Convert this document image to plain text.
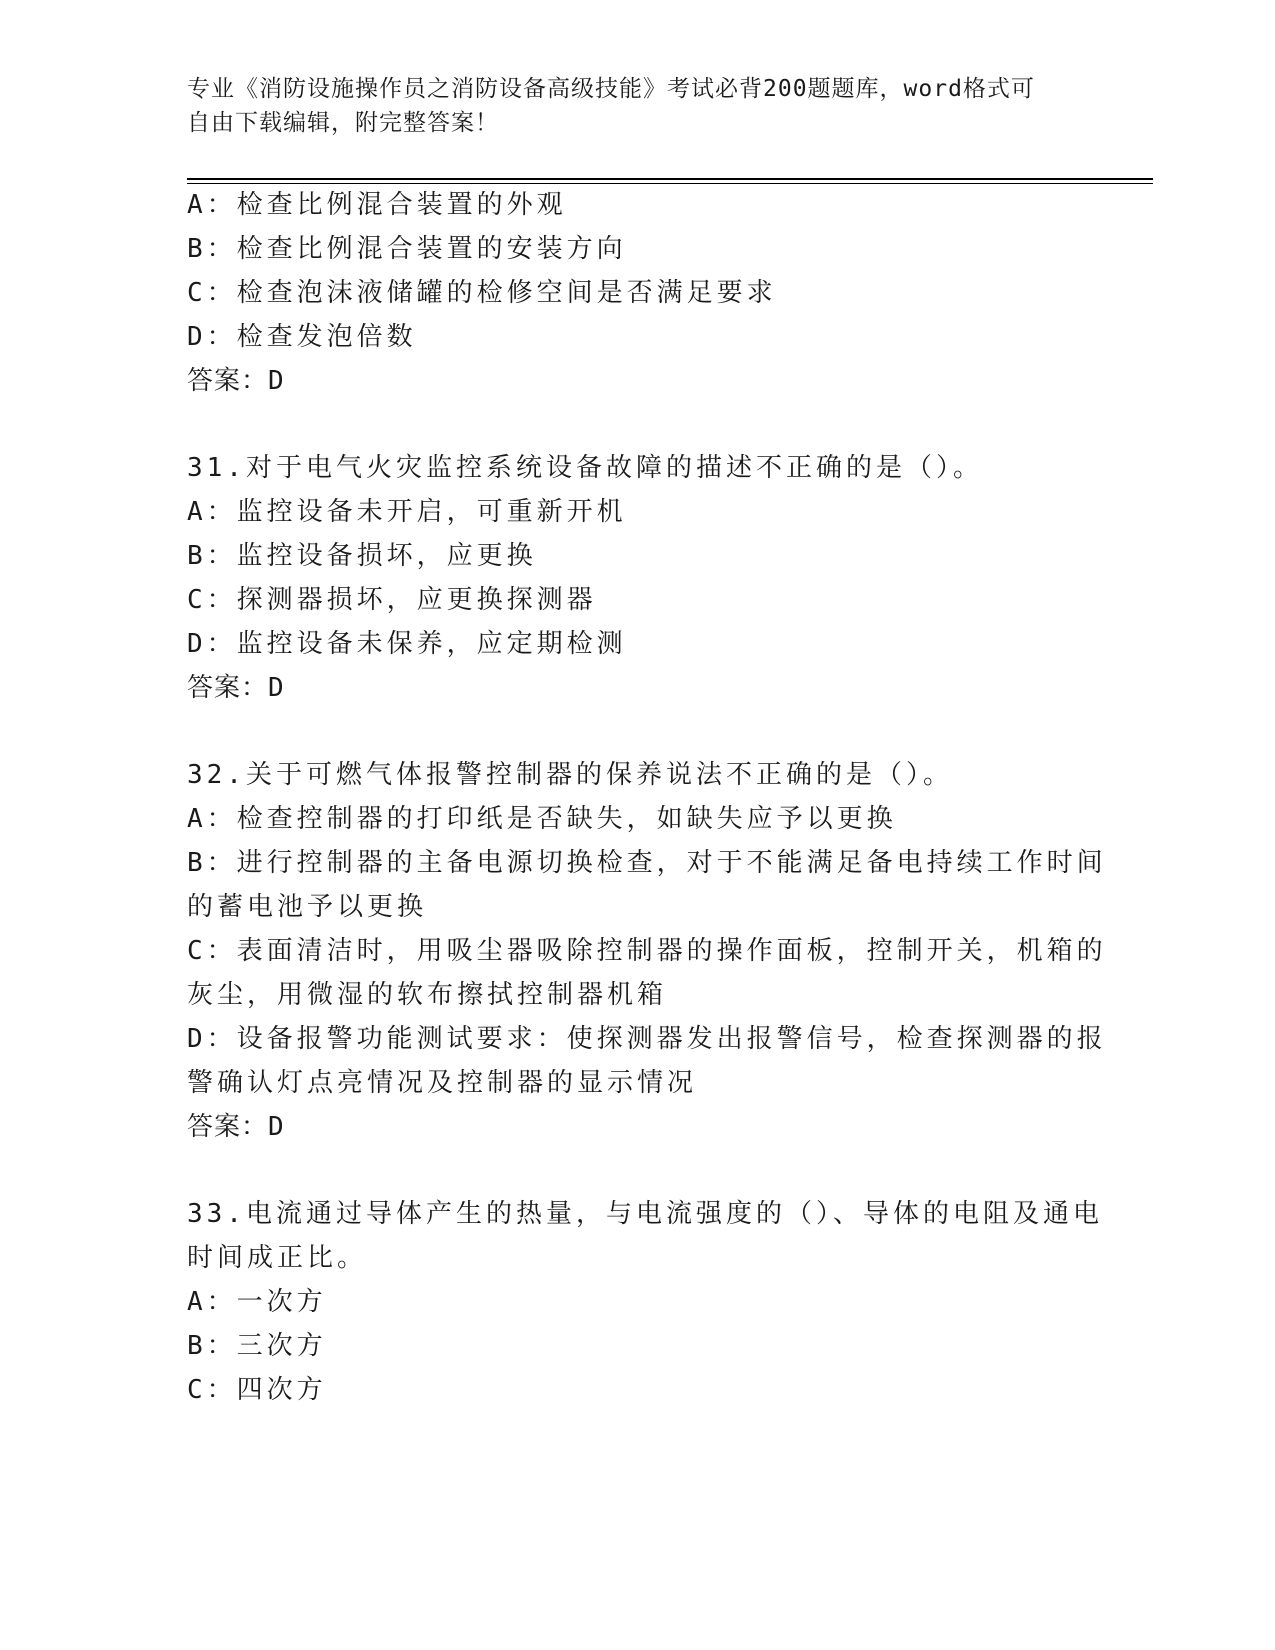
专业《消防设施操作员之消防设备高级技能》考试必背200题题库，word格式可
自由下载编辑，附完整答案！
A：检查比例混合装置的外观
B：检查比例混合装置的安装方向
C：检查泡沫液储罐的检修空间是否满足要求
D：检查发泡倍数
答案：D
31.对于电气火灾监控系统设备故障的描述不正确的是（）。
A：监控设备未开启，可重新开机
B：监控设备损坏，应更换
C：探测器损坏，应更换探测器
D：监控设备未保养，应定期检测
答案：D
32.关于可燃气体报警控制器的保养说法不正确的是（）。
A：检查控制器的打印纸是否缺失，如缺失应予以更换
B：进行控制器的主备电源切换检查，对于不能满足备电持续工作时间
的蓄电池予以更换
C：表面清洁时，用吸尘器吸除控制器的操作面板，控制开关，机箱的
灰尘，用微湿的软布擦拭控制器机箱
D：设备报警功能测试要求：使探测器发出报警信号，检查探测器的报
警确认灯点亮情况及控制器的显示情况
答案：D
33.电流通过导体产生的热量，与电流强度的（）、导体的电阻及通电
时间成正比。
A：一次方
B：三次方
C：四次方
